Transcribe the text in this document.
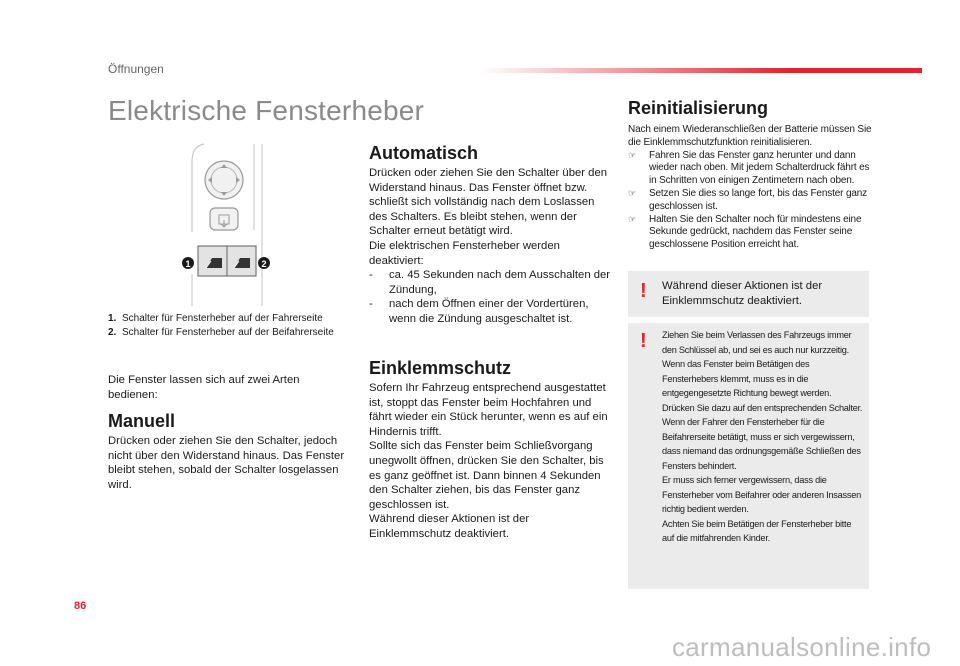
Öffnungen
Elektrische Fensterheber
1	2
1. Schalter für Fensterheber auf der Fahrerseite
2. Schalter für Fensterheber auf der Beifahrerseite
Die Fenster lassen sich auf zwei Arten bedienen:
Manuell
Drücken oder ziehen Sie den Schalter, jedoch nicht über den Widerstand hinaus. Das Fenster bleibt stehen, sobald der Schalter losgelassen wird.
Automatisch
Drücken oder ziehen Sie den Schalter über den Widerstand hinaus. Das Fenster öffnet bzw. schließt sich vollständig nach dem Loslassen des Schalters. Es bleibt stehen, wenn der Schalter erneut betätigt wird.
Die elektrischen Fensterheber werden deaktiviert:
- ca. 45 Sekunden nach dem Ausschalten der Zündung,
- nach dem Öffnen einer der Vordertüren, wenn die Zündung ausgeschaltet ist.
Einklemmschutz
Sofern Ihr Fahrzeug entsprechend ausgestattet ist, stoppt das Fenster beim Hochfahren und fährt wieder ein Stück herunter, wenn es auf ein Hindernis trifft.
Sollte sich das Fenster beim Schließvorgang unegwollt öffnen, drücken Sie den Schalter, bis es ganz geöffnet ist. Dann binnen 4 Sekunden den Schalter ziehen, bis das Fenster ganz geschlossen ist.
Während dieser Aktionen ist der Einklemmschutz deaktiviert.
Reinitialisierung
Nach einem Wiederanschließen der Batterie müssen Sie die Einklemmschutzfunktion reinitialisieren.
☞ Fahren Sie das Fenster ganz herunter und dann wieder nach oben. Mit jedem Schalterdruck fährt es in Schritten von einigen Zentimetern nach oben.
☞ Setzen Sie dies so lange fort, bis das Fenster ganz geschlossen ist.
☞ Halten Sie den Schalter noch für mindestens eine Sekunde gedrückt, nachdem das Fenster seine geschlossene Position erreicht hat.
! Während dieser Aktionen ist der Einklemmschutz deaktiviert.
! Ziehen Sie beim Verlassen des Fahrzeugs immer den Schlüssel ab, und sei es auch nur kurzzeitig.
Wenn das Fenster beim Betätigen des Fensterhebers klemmt, muss es in die entgegengesetzte Richtung bewegt werden. Drücken Sie dazu auf den entsprechenden Schalter.
Wenn der Fahrer den Fensterheber für die Beifahrerseite betätigt, muss er sich vergewissern, dass niemand das ordnungsgemäße Schließen des Fensters behindert.
Er muss sich ferner vergewissern, dass die Fensterheber vom Beifahrer oder anderen Insassen richtig bedient werden.
Achten Sie beim Betätigen der Fensterheber bitte auf die mitfahrenden Kinder.
86
carmanualsonline.info
